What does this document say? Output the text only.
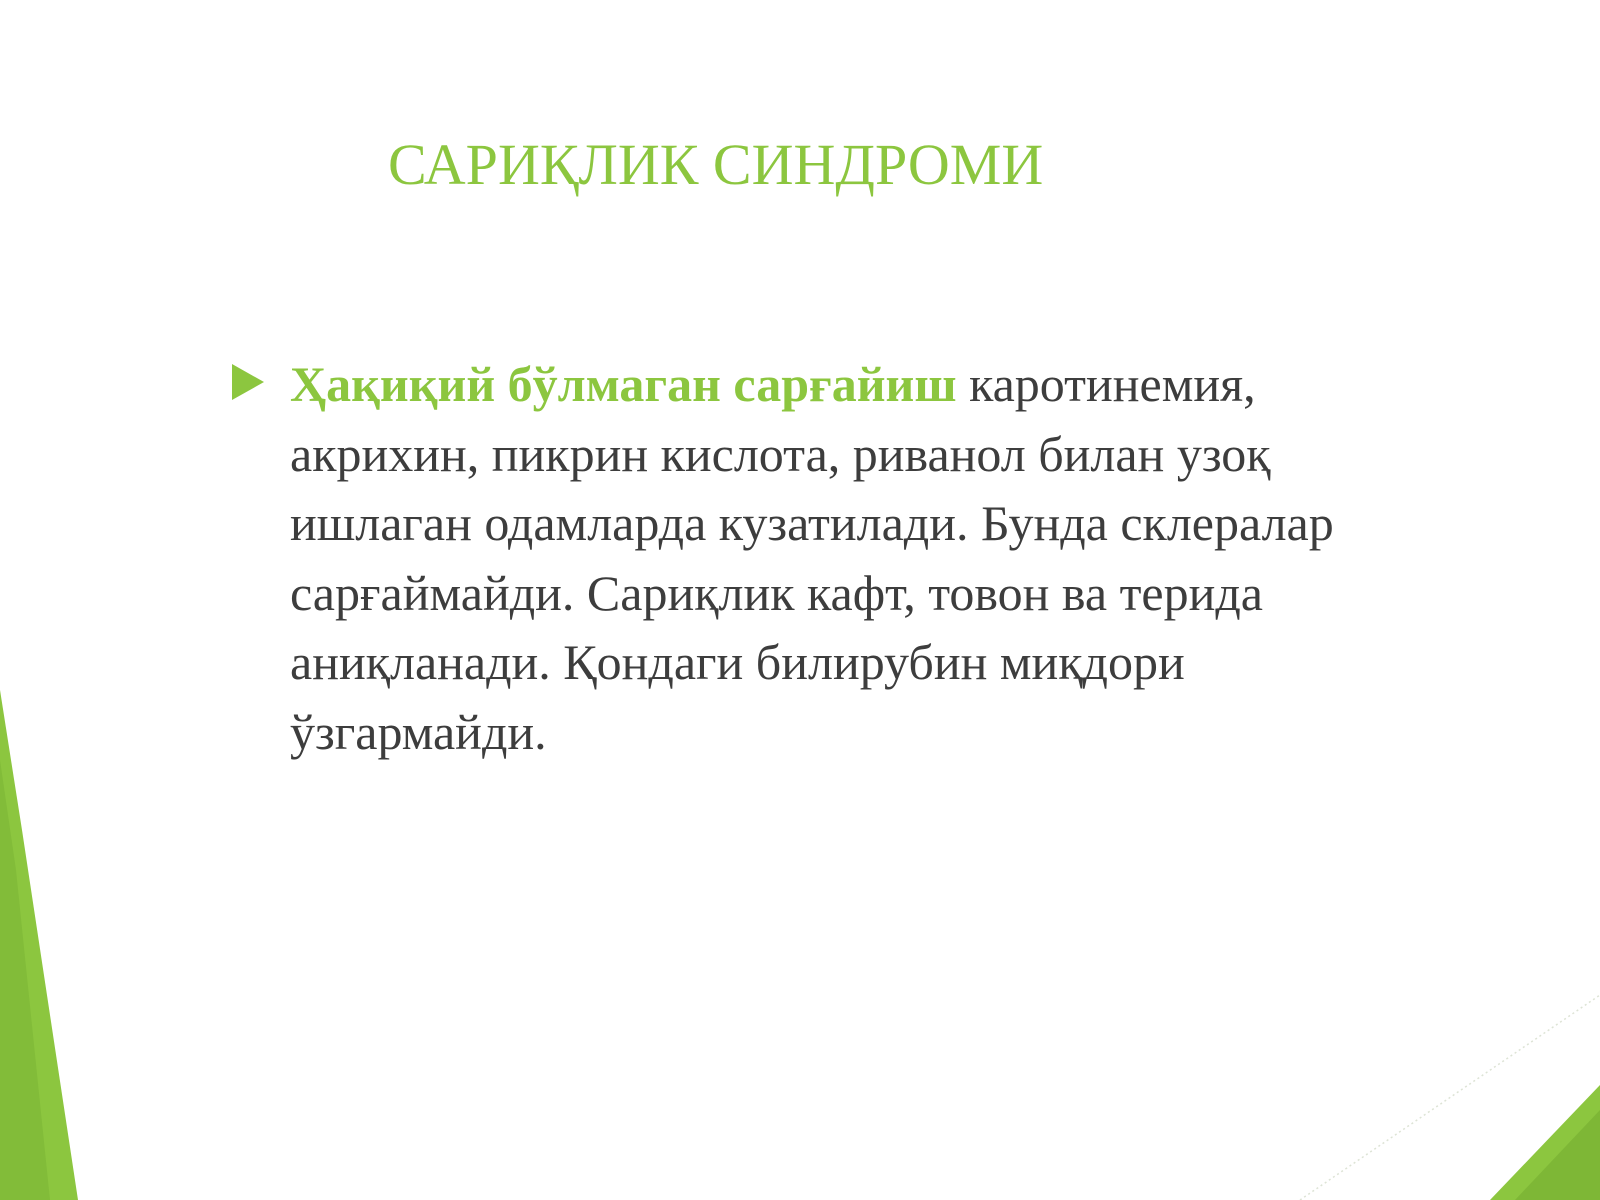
САРИҚЛИК СИНДРОМИ

Ҳақиқий бўлмаган сарғайиш каротинемия, акрихин, пикрин кислота, риванол билан узоқ ишлаган одамларда кузатилади. Бунда склералар сарғаймайди. Сариқлик кафт, товон ва терида аниқланади. Қондаги билирубин миқдори ўзгармайди.
